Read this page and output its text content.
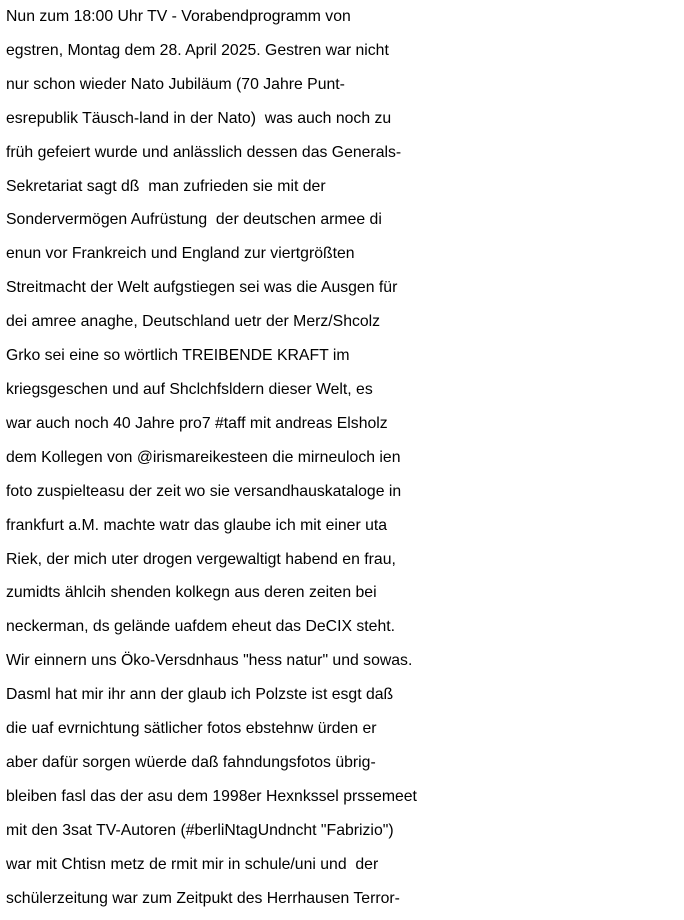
Nun zum 18:00 Uhr TV - Vorabendprogramm von
egstren, Montag dem 28. April 2025. Gestren war nicht
nur schon wieder Nato Jubiläum (70 Jahre Punt-
esrepublik Täusch-land in der Nato)  was auch noch zu
früh gefeiert wurde und anlässlich dessen das Generals-
Sekretariat sagt dß  man zufrieden sie mit der
Sondervermögen Aufrüstung  der deutschen armee di
enun vor Frankreich und England zur viertgrößten
Streitmacht der Welt aufgstiegen sei was die Ausgen für
dei amree anaghe, Deutschland uetr der Merz/Shcolz
Grko sei eine so wörtlich TREIBENDE KRAFT im
kriegsgeschen und auf Shclchfsldern dieser Welt, es
war auch noch 40 Jahre pro7 #taff mit andreas Elsholz
dem Kollegen von @irismareikesteen die mirneuloch ien
foto zuspielteasu der zeit wo sie versandhauskataloge in
frankfurt a.M. machte watr das glaube ich mit einer uta
Riek, der mich uter drogen vergewaltigt habend en frau,
zumidts ählcih shenden kolkegn aus deren zeiten bei
neckerman, ds gelände uafdem eheut das DeCIX steht.
Wir einnern uns Öko-Versdnhaus "hess natur" und sowas.
Dasml hat mir ihr ann der glaub ich Polzste ist esgt daß
die uaf evrnichtung sätlicher fotos ebstehnw ürden er
aber dafür sorgen wüerde daß fahndungsfotos übrig-
bleiben fasl das der asu dem 1998er Hexnkssel prssemeet
mit den 3sat TV-Autoren (#berliNtagUndncht "Fabrizio")
war mit Chtisn metz de rmit mir in schule/uni und  der
schülerzeitung war zum Zeitpukt des Herrhausen Terror-
